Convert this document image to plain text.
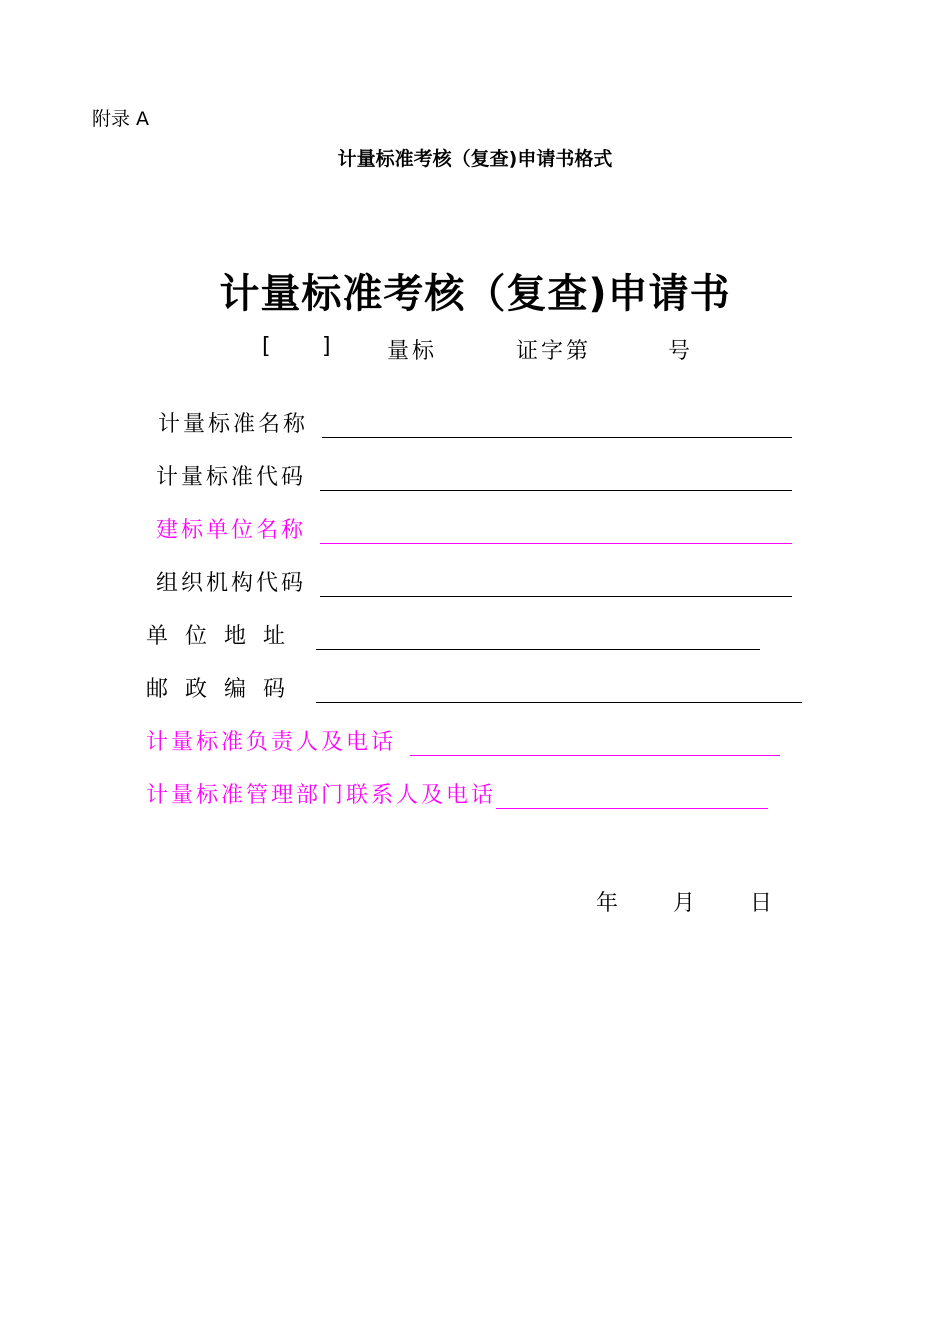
附录 A
计量标准考核（复查)申请书格式
计量标准考核（复查)申请书
[ ]	量标	证字第	号
计量标准名称
计量标准代码
建标单位名称
组织机构代码
单位地址
邮政编码
计量标准负责人及电话
计量标准管理部门联系人及电话
年 月 日
